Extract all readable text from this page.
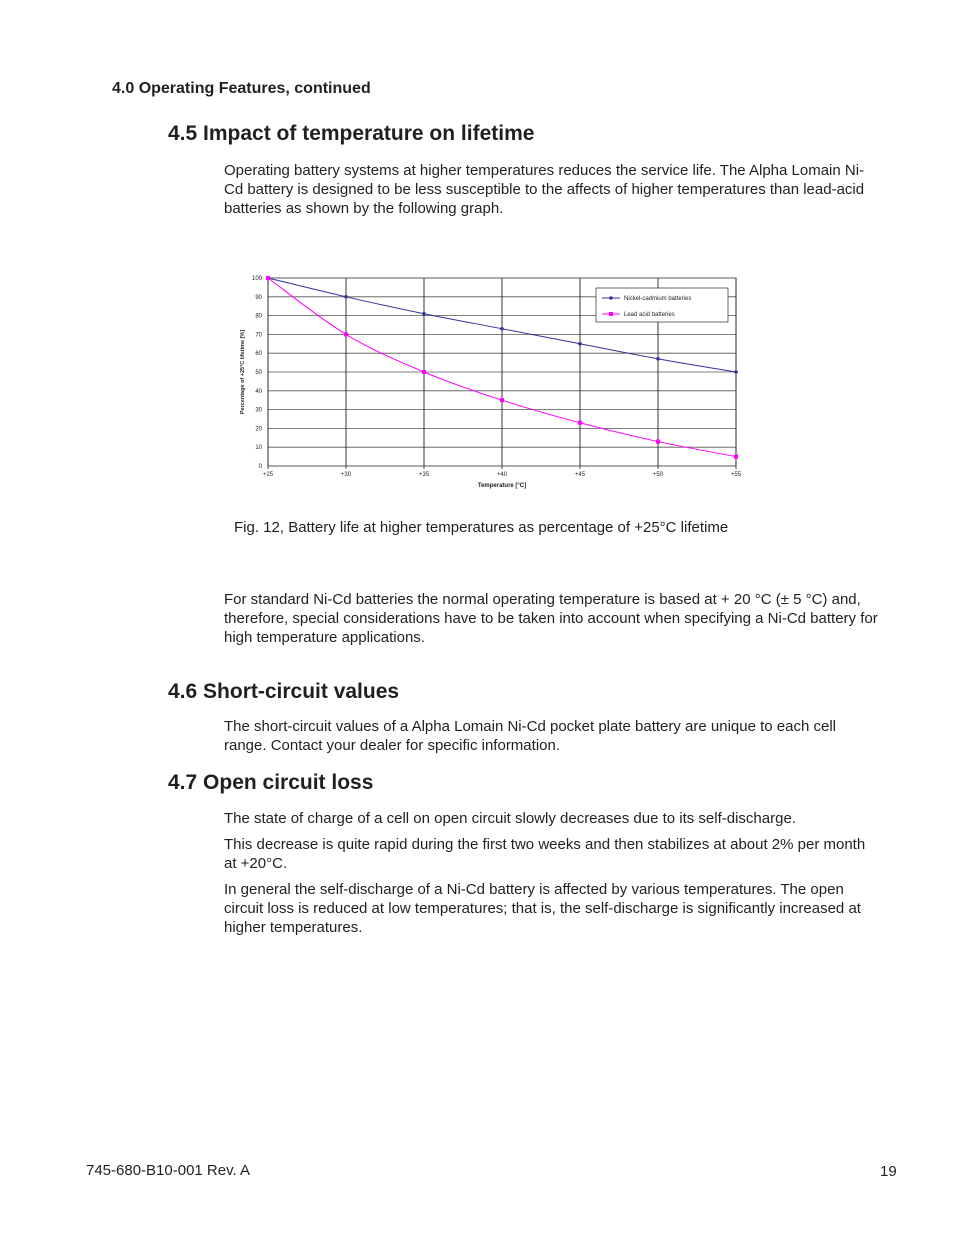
4.0 Operating Features, continued
4.5 Impact of temperature on lifetime

Operating battery systems at higher temperatures reduces the service life. The Alpha Lomain Ni-Cd battery is designed to be less susceptible to the affects of higher temperatures than lead-acid batteries as shown by the following graph.

0
10
20
30
40
50
60
70
80
90
100
+25	+30	+35	+40	+45	+50	+55
Temperature [°C]
Percentage of +25°C lifetime [%]
Nickel-cadmium batteries
Lead acid batteries
Fig. 12, Battery life at higher temperatures as percentage of +25°C lifetime

For standard Ni-Cd batteries the normal operating temperature is based at + 20 °C (± 5 °C) and, therefore, special considerations have to be taken into account when specifying a Ni-Cd battery for high temperature applications.

4.6 Short-circuit values

The short-circuit values of a Alpha Lomain Ni-Cd pocket plate battery are unique to each cell range. Contact your dealer for specific information.

4.7 Open circuit loss

The state of charge of a cell on open circuit slowly decreases due to its self-discharge.

This decrease is quite rapid during the first two weeks and then stabilizes at about 2% per month at +20°C.

In general the self-discharge of a Ni-Cd battery is affected by various temperatures. The open circuit loss is reduced at low temperatures; that is, the self-discharge is significantly increased at higher temperatures.

745-680-B10-001 Rev. A	19
